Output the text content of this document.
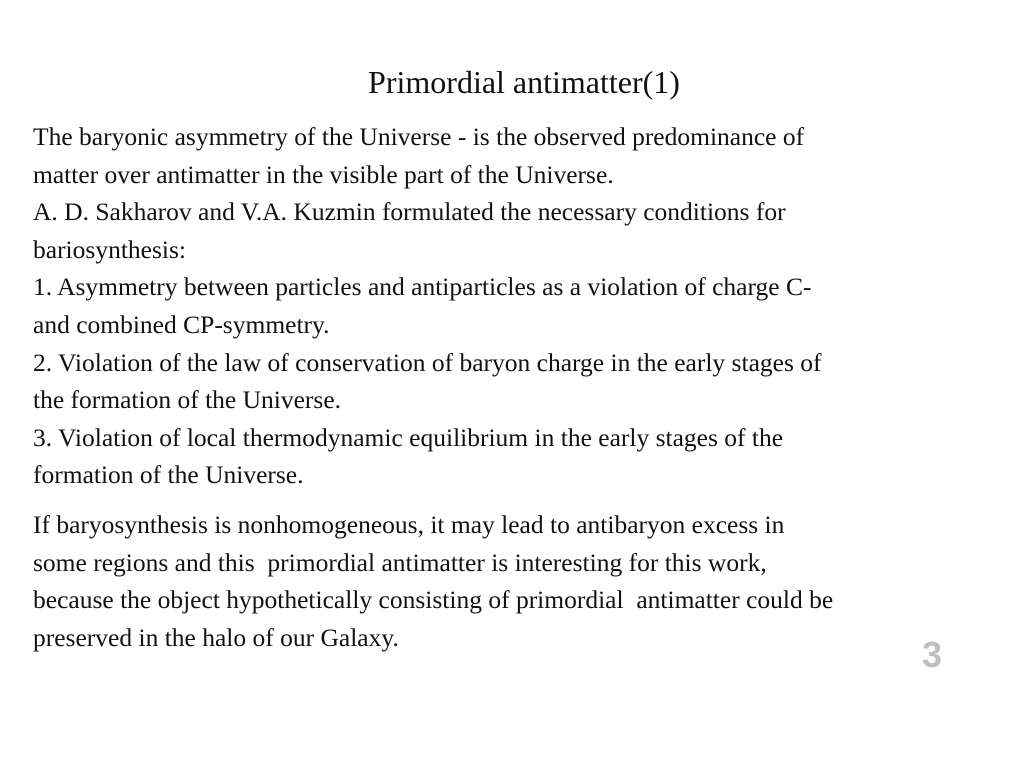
Primordial antimatter(1)

The baryonic asymmetry of the Universe - is the observed predominance of
matter over antimatter in the visible part of the Universe.
A. D. Sakharov and V.A. Kuzmin formulated the necessary conditions for
bariosynthesis:
1. Asymmetry between particles and antiparticles as a violation of charge C-
and combined CP-symmetry.
2. Violation of the law of conservation of baryon charge in the early stages of
the formation of the Universe.
3. Violation of local thermodynamic equilibrium in the early stages of the
formation of the Universe.

If baryosynthesis is nonhomogeneous, it may lead to antibaryon excess in
some regions and this  primordial antimatter is interesting for this work,
because the object hypothetically consisting of primordial  antimatter could be
preserved in the halo of our Galaxy.	3
